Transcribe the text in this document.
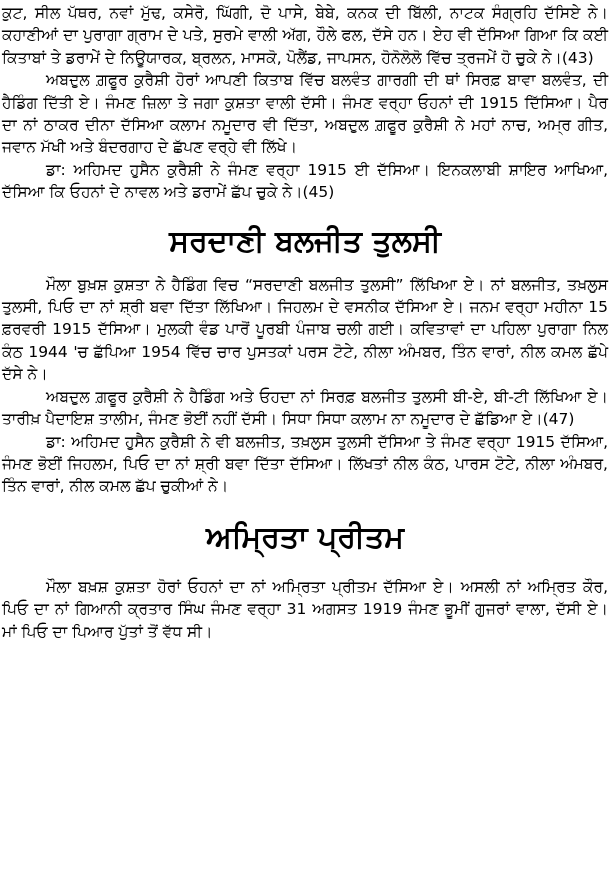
ਕੁਟ, ਸੀਲ ਪੱਥਰ, ਨਵਾਂ ਮੁੱਢ, ਕਸੇਰੋ, ਘਿੱਗੀ, ਦੋ ਪਾਸੇ, ਬੇਬੇ, ਕਨਕ ਦੀ ਬਿੱਲੀ, ਨਾਟਕ ਸੰਗ੍ਰਹਿ ਦੱਸਿਏ ਨੇ। ਕਹਾਣੀਆਂ ਦਾ ਪੁਰਾਗਾ ਗ੍ਰਾਮ ਦੇ ਪਤੇ, ਸੁਰਮੇ ਵਾਲੀ ਅੱਗ, ਹੌਲੇ ਫਲ, ਦੱਸੇ ਹਨ। ਏਹ ਵੀ ਦੱਸਿਆ ਗਿਆ ਕਿ ਕਈ ਕਿਤਾਬਾਂ ਤੇ ਡਰਾਮੇਂ ਦੇ ਨਿਊਯਾਰਕ, ਬ੍ਰਲਨ, ਮਾਸਕੋ, ਪੋਲੈਂਡ, ਜਾਪਸਨ, ਹੋਨੋਲੋਲੋ ਵਿੱਚ ਤ੍ਰਜਮੇਂ ਹੋ ਚੁਕੇ ਨੇ।(43)

ਅਬਦੁਲ ਗ਼ਫੂਰ ਕੁਰੈਸ਼ੀ ਹੋਰਾਂ ਆਪਣੀ ਕਿਤਾਬ ਵਿੱਚ ਬਲਵੰਤ ਗਾਰਗੀ ਦੀ ਥਾਂ ਸਿਰਫ਼ ਬਾਵਾ ਬਲਵੰਤ, ਦੀ ਹੈਡਿੰਗ ਦਿੱਤੀ ਏ। ਜੰਮਣ ਜ਼ਿਲਾ ਤੇ ਜਗਾ ਕੁਸ਼ਤਾ ਵਾਲੀ ਦੱਸੀ। ਜੰਮਣ ਵਰ੍ਹਾ ਓਹਨਾਂ ਦੀ 1915 ਦਿੱਸਿਆ। ਪੈਰ ਦਾ ਨਾਂ ਠਾਕਰ ਦੀਨਾ ਦੱਸਿਆ ਕਲਾਮ ਨਮੂਦਾਰ ਵੀ ਦਿੱਤਾ, ਅਬਦੁਲ ਗ਼ਫੂਰ ਕੁਰੈਸ਼ੀ ਨੇ ਮਹਾਂ ਨਾਚ, ਅਮ੍ਰ ਗੀਤ, ਜਵਾਨ ਮੱਖੀ ਅਤੇ ਬੰਦਰਗਾਹ ਦੇ ਛੱਪਣ ਵਰ੍ਹੇ ਵੀ ਲਿੱਖੇ।

ਡਾ: ਅਹਿਮਦ ਹੁਸੈਨ ਕੁਰੈਸ਼ੀ ਨੇ ਜੰਮਣ ਵਰ੍ਹਾ 1915 ਈ ਦੱਸਿਆ। ਇਨਕਲਾਬੀ ਸ਼ਾਇਰ ਆਖਿਆ, ਦੱਸਿਆ ਕਿ ਓਹਨਾਂ ਦੇ ਨਾਵਲ ਅਤੇ ਡਰਾਮੇਂ ਛੱਪ ਚੁਕੇ ਨੇ।(45)

ਸਰਦਾਣੀ ਬਲਜੀਤ ਤੁਲਸੀ

ਮੌਲਾ ਬੁਖ਼ਸ਼ ਕੁਸ਼ਤਾ ਨੇ ਹੈਡਿੰਗ ਵਿਚ “ਸਰਦਾਣੀ ਬਲਜੀਤ ਤੁਲਸੀ” ਲਿੱਖਿਆ ਏ। ਨਾਂ ਬਲਜੀਤ, ਤਖ਼ਲੁਸ ਤੁਲਸੀ, ਪਿਓ ਦਾ ਨਾਂ ਸ਼੍ਰੀ ਬਵਾ ਦਿੱਤਾ ਲਿੱਖਿਆ। ਜਿਹਲਮ ਦੇ ਵਸਨੀਕ ਦੱਸਿਆ ਏ। ਜਨਮ ਵਰ੍ਹਾ ਮਹੀਨਾ 15 ਫ਼ਰਵਰੀ 1915 ਦੱਸਿਆ। ਮੁਲਕੀ ਵੰਡ ਪਾਰੋਂ ਪੂਰਬੀ ਪੰਜਾਬ ਚਲੀ ਗਈ। ਕਵਿਤਾਵਾਂ ਦਾ ਪਹਿਲਾ ਪੁਰਾਗਾ ਨਿਲ ਕੰਠ 1944 'ਚ ਛੱਪਿਆ 1954 ਵਿੱਚ ਚਾਰ ਪੁਸਤਕਾਂ ਪਰਸ ਟੋਟੇ, ਨੀਲਾ ਅੰਮਬਰ, ਤਿੰਨ ਵਾਰਾਂ, ਨੀਲ ਕਮਲ ਛੱਪੇ ਦੱਸੇ ਨੇ।

ਅਬਦੁਲ ਗ਼ਫੂਰ ਕੁਰੈਸ਼ੀ ਨੇ ਹੈਡਿੰਗ ਅਤੇ ਓਹਦਾ ਨਾਂ ਸਿਰਫ਼ ਬਲਜੀਤ ਤੁਲਸੀ ਬੀ-ਏ, ਬੀ-ਟੀ ਲਿੱਖਿਆ ਏ। ਤਾਰੀਖ਼ ਪੈਦਾਇਸ਼ ਤਾਲੀਮ, ਜੰਮਣ ਭੋਈਂ ਨਹੀਂ ਦੱਸੀ। ਸਿਧਾ ਸਿਧਾ ਕਲਾਮ ਨਾ ਨਮੂਦਾਰ ਦੇ ਛੱਡਿਆ ਏ।(47)

ਡਾ: ਅਹਿਮਦ ਹੁਸੈਨ ਕੁਰੈਸ਼ੀ ਨੇ ਵੀ ਬਲਜੀਤ, ਤਖ਼ਲੁਸ ਤੁਲਸੀ ਦੱਸਿਆ ਤੇ ਜੰਮਣ ਵਰ੍ਹਾ 1915 ਦੱਸਿਆ, ਜੰਮਣ ਭੋਈਂ ਜਿਹਲਮ, ਪਿਓ ਦਾ ਨਾਂ ਸ਼੍ਰੀ ਬਵਾ ਦਿੱਤਾ ਦੱਸਿਆ। ਲਿੱਖਤਾਂ ਨੀਲ ਕੰਠ, ਪਾਰਸ ਟੋਟੇ, ਨੀਲਾ ਅੰਮਬਰ, ਤਿੰਨ ਵਾਰਾਂ, ਨੀਲ ਕਮਲ ਛੱਪ ਚੁਕੀਆਂ ਨੇ।

ਅਮ੍ਰਿਤਾ ਪ੍ਰੀਤਮ

ਮੌਲਾ ਬਖ਼ਸ਼ ਕੁਸ਼ਤਾ ਹੋਰਾਂ ਓਹਨਾਂ ਦਾ ਨਾਂ ਅਮ੍ਰਿਤਾ ਪ੍ਰੀਤਮ ਦੱਸਿਆ ਏ। ਅਸਲੀ ਨਾਂ ਅਮ੍ਰਿਤ ਕੌਰ, ਪਿਓ ਦਾ ਨਾਂ ਗਿਆਨੀ ਕ੍ਰਤਾਰ ਸਿੰਘ ਜੰਮਣ ਵਰ੍ਹਾ 31 ਅਗਸਤ 1919 ਜੰਮਣ ਭੂਮੀਂ ਗੁਜਰਾਂ ਵਾਲਾ, ਦੱਸੀ ਏ। ਮਾਂ ਪਿਓ ਦਾ ਪਿਆਰ ਪੁੱਤਾਂ ਤੋਂ ਵੱਧ ਸੀ।
